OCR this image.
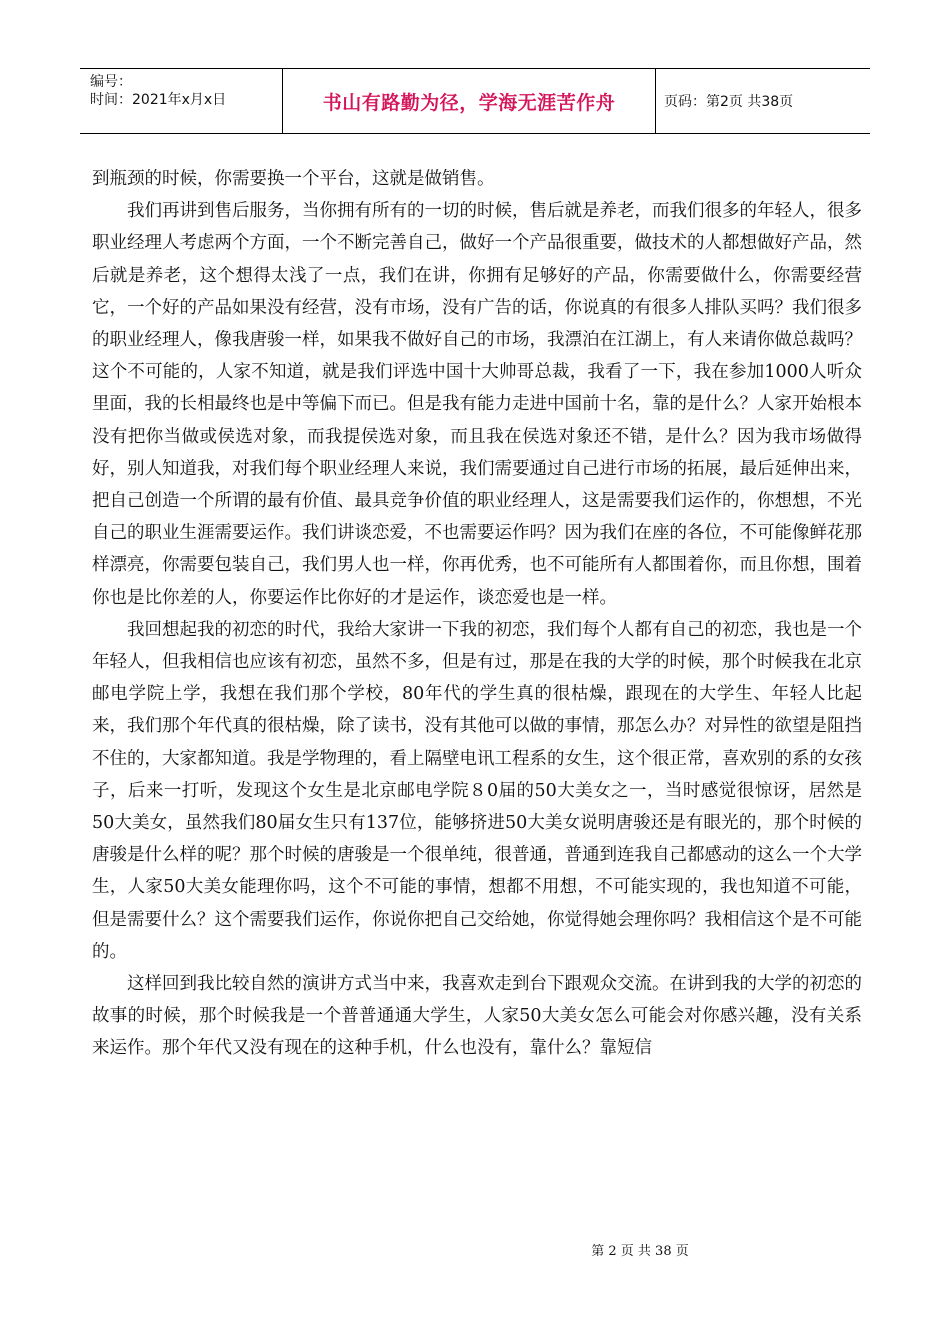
编号：
时间：2021年x月x日	书山有路勤为径，学海无涯苦作舟	页码：第2页 共38页

到瓶颈的时候，你需要换一个平台，这就是做销售。

我们再讲到售后服务，当你拥有所有的一切的时候，售后就是养老，而我们很多的年轻人，很多职业经理人考虑两个方面，一个不断完善自己，做好一个产品很重要，做技术的人都想做好产品，然后就是养老，这个想得太浅了一点，我们在讲，你拥有足够好的产品，你需要做什么，你需要经营它，一个好的产品如果没有经营，没有市场，没有广告的话，你说真的有很多人排队买吗？我们很多的职业经理人，像我唐骏一样，如果我不做好自己的市场，我漂泊在江湖上，有人来请你做总裁吗？这个不可能的，人家不知道，就是我们评选中国十大帅哥总裁，我看了一下，我在参加1000人听众里面，我的长相最终也是中等偏下而已。但是我有能力走进中国前十名，靠的是什么？人家开始根本没有把你当做或侯选对象，而我提侯选对象，而且我在侯选对象还不错，是什么？因为我市场做得好，别人知道我，对我们每个职业经理人来说，我们需要通过自己进行市场的拓展，最后延伸出来，把自己创造一个所谓的最有价值、最具竞争价值的职业经理人，这是需要我们运作的，你想想，不光自己的职业生涯需要运作。我们讲谈恋爱，不也需要运作吗？因为我们在座的各位，不可能像鲜花那样漂亮，你需要包装自己，我们男人也一样，你再优秀，也不可能所有人都围着你，而且你想，围着你也是比你差的人，你要运作比你好的才是运作，谈恋爱也是一样。

我回想起我的初恋的时代，我给大家讲一下我的初恋，我们每个人都有自己的初恋，我也是一个年轻人，但我相信也应该有初恋，虽然不多，但是有过，那是在我的大学的时候，那个时候我在北京邮电学院上学，我想在我们那个学校，80年代的学生真的很枯燥，跟现在的大学生、年轻人比起来，我们那个年代真的很枯燥，除了读书，没有其他可以做的事情，那怎么办？对异性的欲望是阻挡不住的，大家都知道。我是学物理的，看上隔壁电讯工程系的女生，这个很正常，喜欢别的系的女孩子，后来一打听，发现这个女生是北京邮电学院８0届的50大美女之一，当时感觉很惊讶，居然是50大美女，虽然我们80届女生只有137位，能够挤进50大美女说明唐骏还是有眼光的，那个时候的唐骏是什么样的呢？那个时候的唐骏是一个很单纯，很普通，普通到连我自己都感动的这么一个大学生，人家50大美女能理你吗，这个不可能的事情，想都不用想，不可能实现的，我也知道不可能，但是需要什么？这个需要我们运作，你说你把自己交给她，你觉得她会理你吗？我相信这个是不可能的。

这样回到我比较自然的演讲方式当中来，我喜欢走到台下跟观众交流。在讲到我的大学的初恋的故事的时候，那个时候我是一个普普通通大学生，人家50大美女怎么可能会对你感兴趣，没有关系来运作。那个年代又没有现在的这种手机，什么也没有，靠什么？靠短信

第 2 页 共 38 页
